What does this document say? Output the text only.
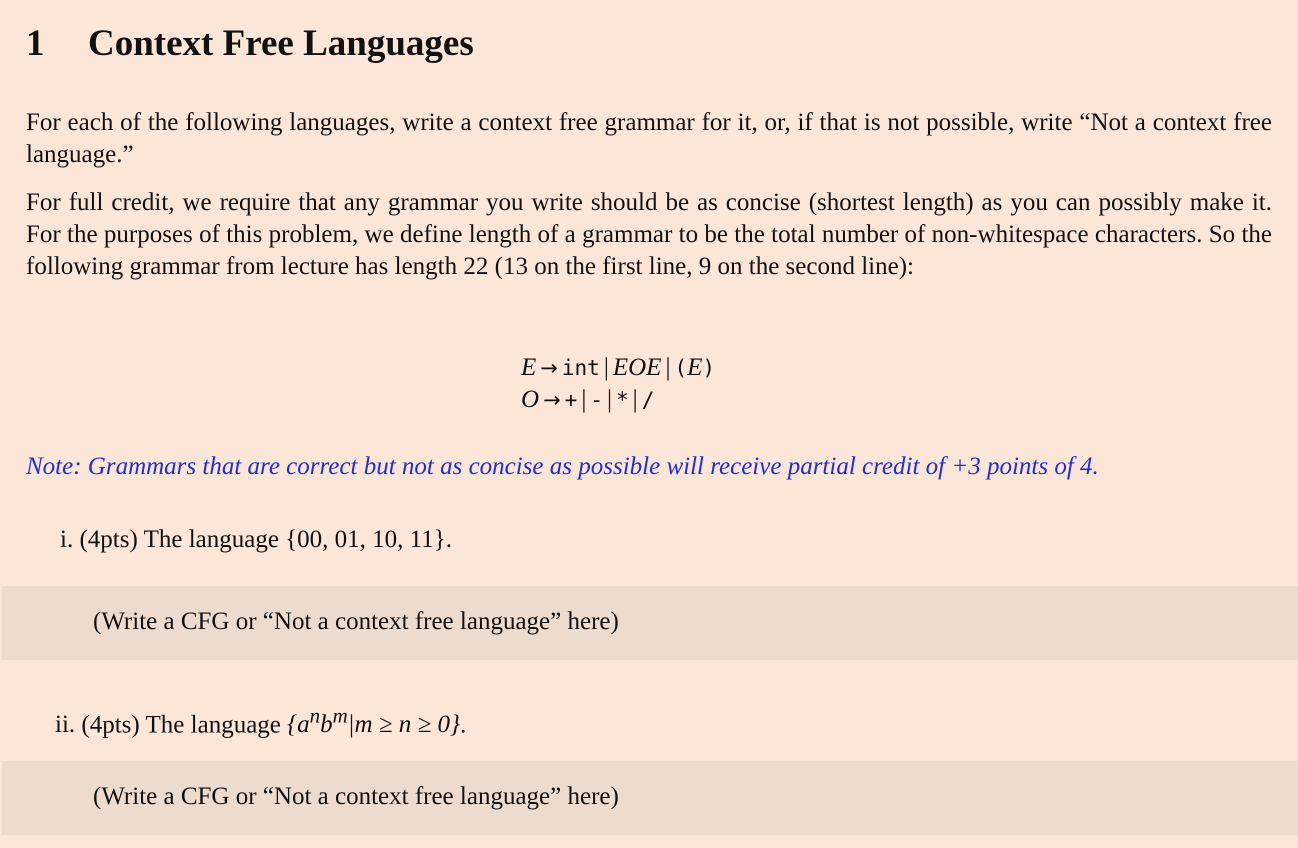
1 Context Free Languages
For each of the following languages, write a context free grammar for it, or, if that is not possible, write “Not a context free language.”
For full credit, we require that any grammar you write should be as concise (shortest length) as you can possibly make it. For the purposes of this problem, we define length of a grammar to be the total number of non-whitespace characters. So the following grammar from lecture has length 22 (13 on the first line, 9 on the second line):
E → int | EOE | (E)
O → + | - | * | /
Note: Grammars that are correct but not as concise as possible will receive partial credit of +3 points of 4.
i. (4pts) The language {00, 01, 10, 11}.
(Write a CFG or “Not a context free language” here)
ii. (4pts) The language $\{a^nb^m|m \ge n \ge 0\}$.
(Write a CFG or “Not a context free language” here)
